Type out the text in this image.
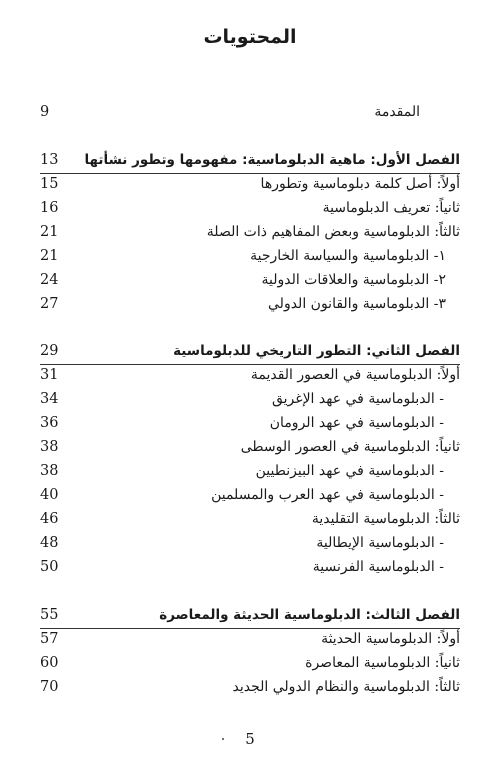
المحتويات
9	المقدمة
13	الفصل الأول: ماهية الدبلوماسية: مفهومها وتطور نشأتها
15	أولاً: أصل كلمة دبلوماسية وتطورها
16	ثانياً: تعريف الدبلوماسية
21	ثالثاً: الدبلوماسية وبعض المفاهيم ذات الصلة
21	١- الدبلوماسية والسياسة الخارجية
24	٢- الدبلوماسية والعلاقات الدولية
27	٣- الدبلوماسية والقانون الدولي
29	الفصل الثاني: التطور التاريخي للدبلوماسية
31	أولاً: الدبلوماسية في العصور القديمة
34	- الدبلوماسية في عهد الإغريق
36	- الدبلوماسية في عهد الرومان
38	ثانياً: الدبلوماسية في العصور الوسطى
38	- الدبلوماسية في عهد البيزنطيين
40	- الدبلوماسية في عهد العرب والمسلمين
46	ثالثاً: الدبلوماسية التقليدية
48	- الدبلوماسية الإيطالية
50	- الدبلوماسية الفرنسية
55	الفصل الثالث: الدبلوماسية الحديثة والمعاصرة
57	أولاً: الدبلوماسية الحديثة
60	ثانياً: الدبلوماسية المعاصرة
70	ثالثاً: الدبلوماسية والنظام الدولي الجديد
5
